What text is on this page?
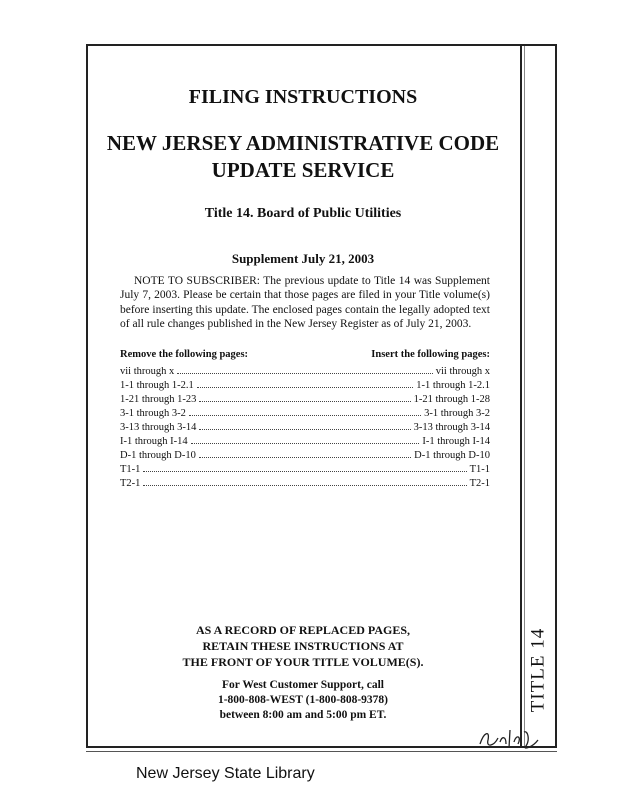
TITLE 14
FILING INSTRUCTIONS
NEW JERSEY ADMINISTRATIVE CODE
UPDATE SERVICE
Title 14. Board of Public Utilities
Supplement July 21, 2003
NOTE TO SUBSCRIBER: The previous update to Title 14 was Supplement July 7, 2003. Please be certain that those pages are filed in your Title volume(s) before inserting this update. The enclosed pages contain the legally adopted text of all rule changes published in the New Jersey Register as of July 21, 2003.
Remove the following pages:	Insert the following pages:
vii through x	vii through x
1-1 through 1-2.1	1-1 through 1-2.1
1-21 through 1-23	1-21 through 1-28
3-1 through 3-2	3-1 through 3-2
3-13 through 3-14	3-13 through 3-14
I-1 through I-14	I-1 through I-14
D-1 through D-10	D-1 through D-10
T1-1	T1-1
T2-1	T2-1
AS A RECORD OF REPLACED PAGES,
RETAIN THESE INSTRUCTIONS AT
THE FRONT OF YOUR TITLE VOLUME(S).
For West Customer Support, call
1-800-808-WEST (1-800-808-9378)
between 8:00 am and 5:00 pm ET.
New Jersey State Library
